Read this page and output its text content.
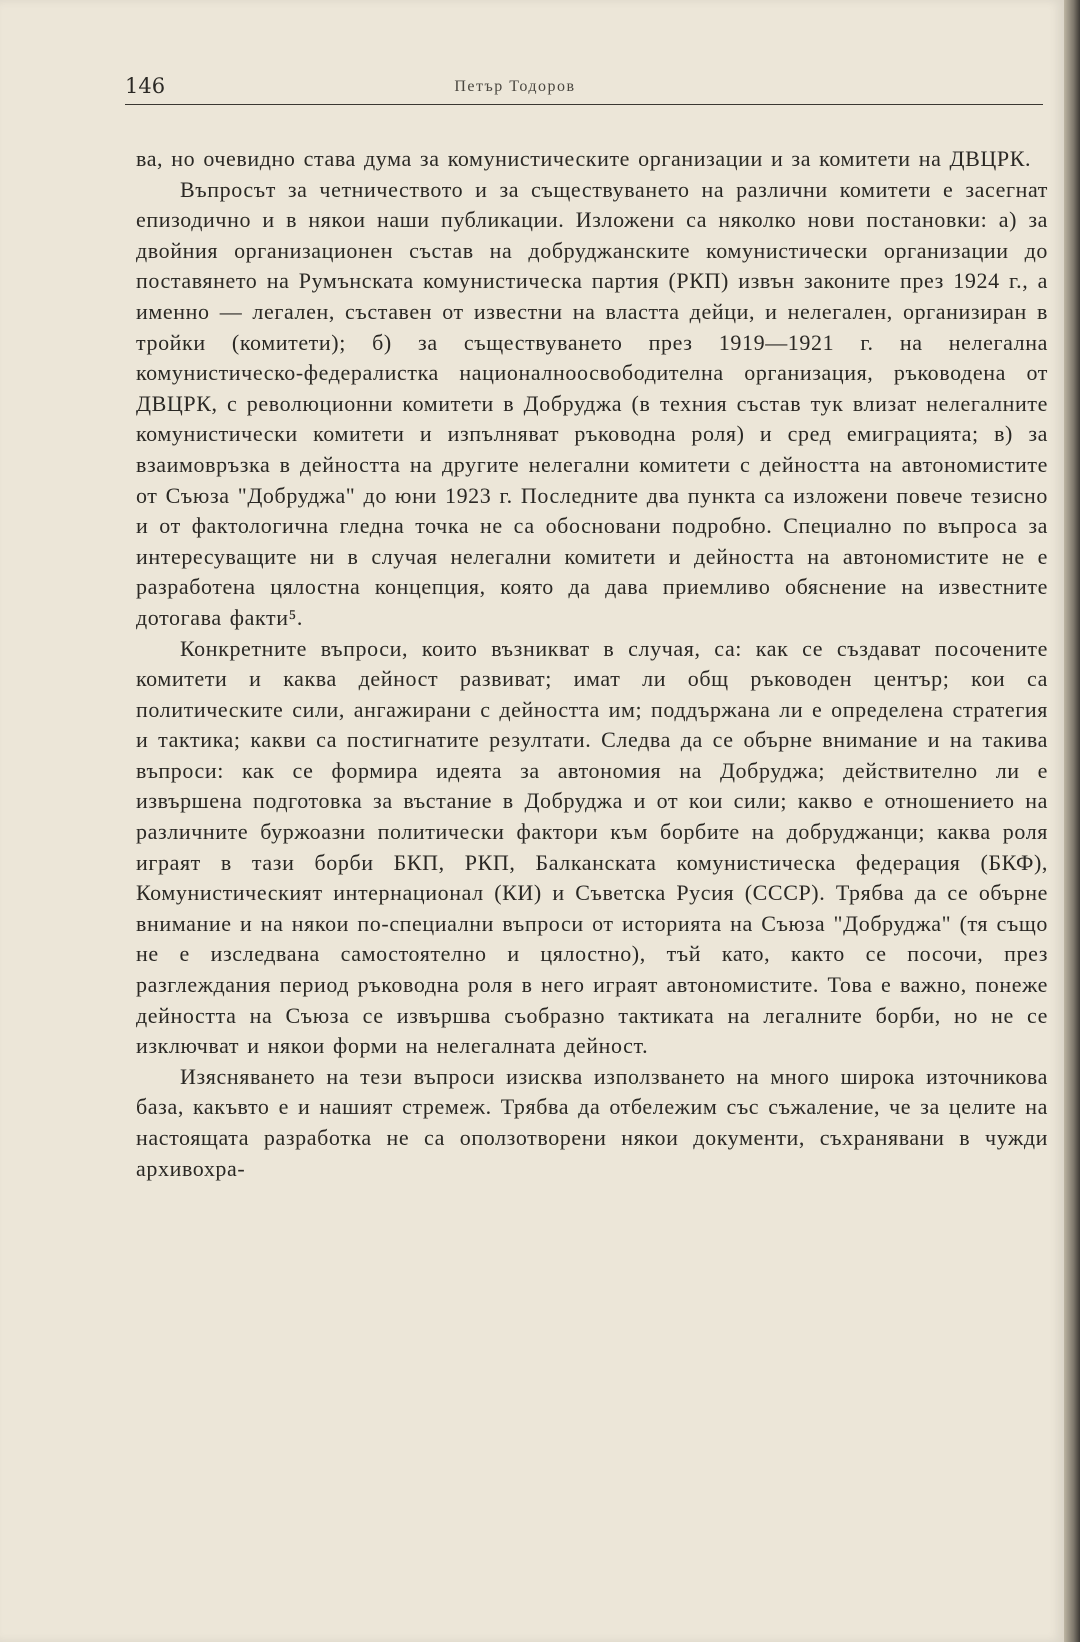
146	Петър Тодоров

ва, но очевидно става дума за комунистическите организации и за комитети на ДВЦРК.

Въпросът за четничеството и за съществуването на различни комитети е засегнат епизодично и в някои наши публикации. Изложени са няколко нови постановки: а) за двойния организационен състав на добруджанските комунистически организации до поставянето на Румънската комунистическа партия (РКП) извън законите през 1924 г., а именно — легален, съставен от известни на властта дейци, и нелегален, организиран в тройки (комитети); б) за съществуването през 1919—1921 г. на нелегална комунистическо-федералистка националноосвободителна организация, ръководена от ДВЦРК, с революционни комитети в Добруджа (в техния състав тук влизат нелегалните комунистически комитети и изпълняват ръководна роля) и сред емиграцията; в) за взаимовръзка в дейността на другите нелегални комитети с дейността на автономистите от Съюза "Добруджа" до юни 1923 г. Последните два пункта са изложени повече тезисно и от фактологична гледна точка не са обосновани подробно. Специално по въпроса за интересуващите ни в случая нелегални комитети и дейността на автономистите не е разработена цялостна концепция, която да дава приемливо обяснение на известните дотогава факти⁵.

Конкретните въпроси, които възникват в случая, са: как се създават посочените комитети и каква дейност развиват; имат ли общ ръководен център; кои са политическите сили, ангажирани с дейността им; поддържана ли е определена стратегия и тактика; какви са постигнатите резултати. Следва да се обърне внимание и на такива въпроси: как се формира идеята за автономия на Добруджа; действително ли е извършена подготовка за въстание в Добруджа и от кои сили; какво е отношението на различните буржоазни политически фактори към борбите на добруджанци; каква роля играят в тази борби БКП, РКП, Балканската комунистическа федерация (БКФ), Комунистическият интернационал (КИ) и Съветска Русия (СССР). Трябва да се обърне внимание и на някои по-специални въпроси от историята на Съюза "Добруджа" (тя също не е изследвана самостоятелно и цялостно), тъй като, както се посочи, през разглеждания период ръководна роля в него играят автономистите. Това е важно, понеже дейността на Съюза се извършва съобразно тактиката на легалните борби, но не се изключват и някои форми на нелегалната дейност.

Изясняването на тези въпроси изисква използването на много широка източникова база, какъвто е и нашият стремеж. Трябва да отбележим със съжаление, че за целите на настоящата разработка не са оползотворени някои документи, съхранявани в чужди архивохра-
